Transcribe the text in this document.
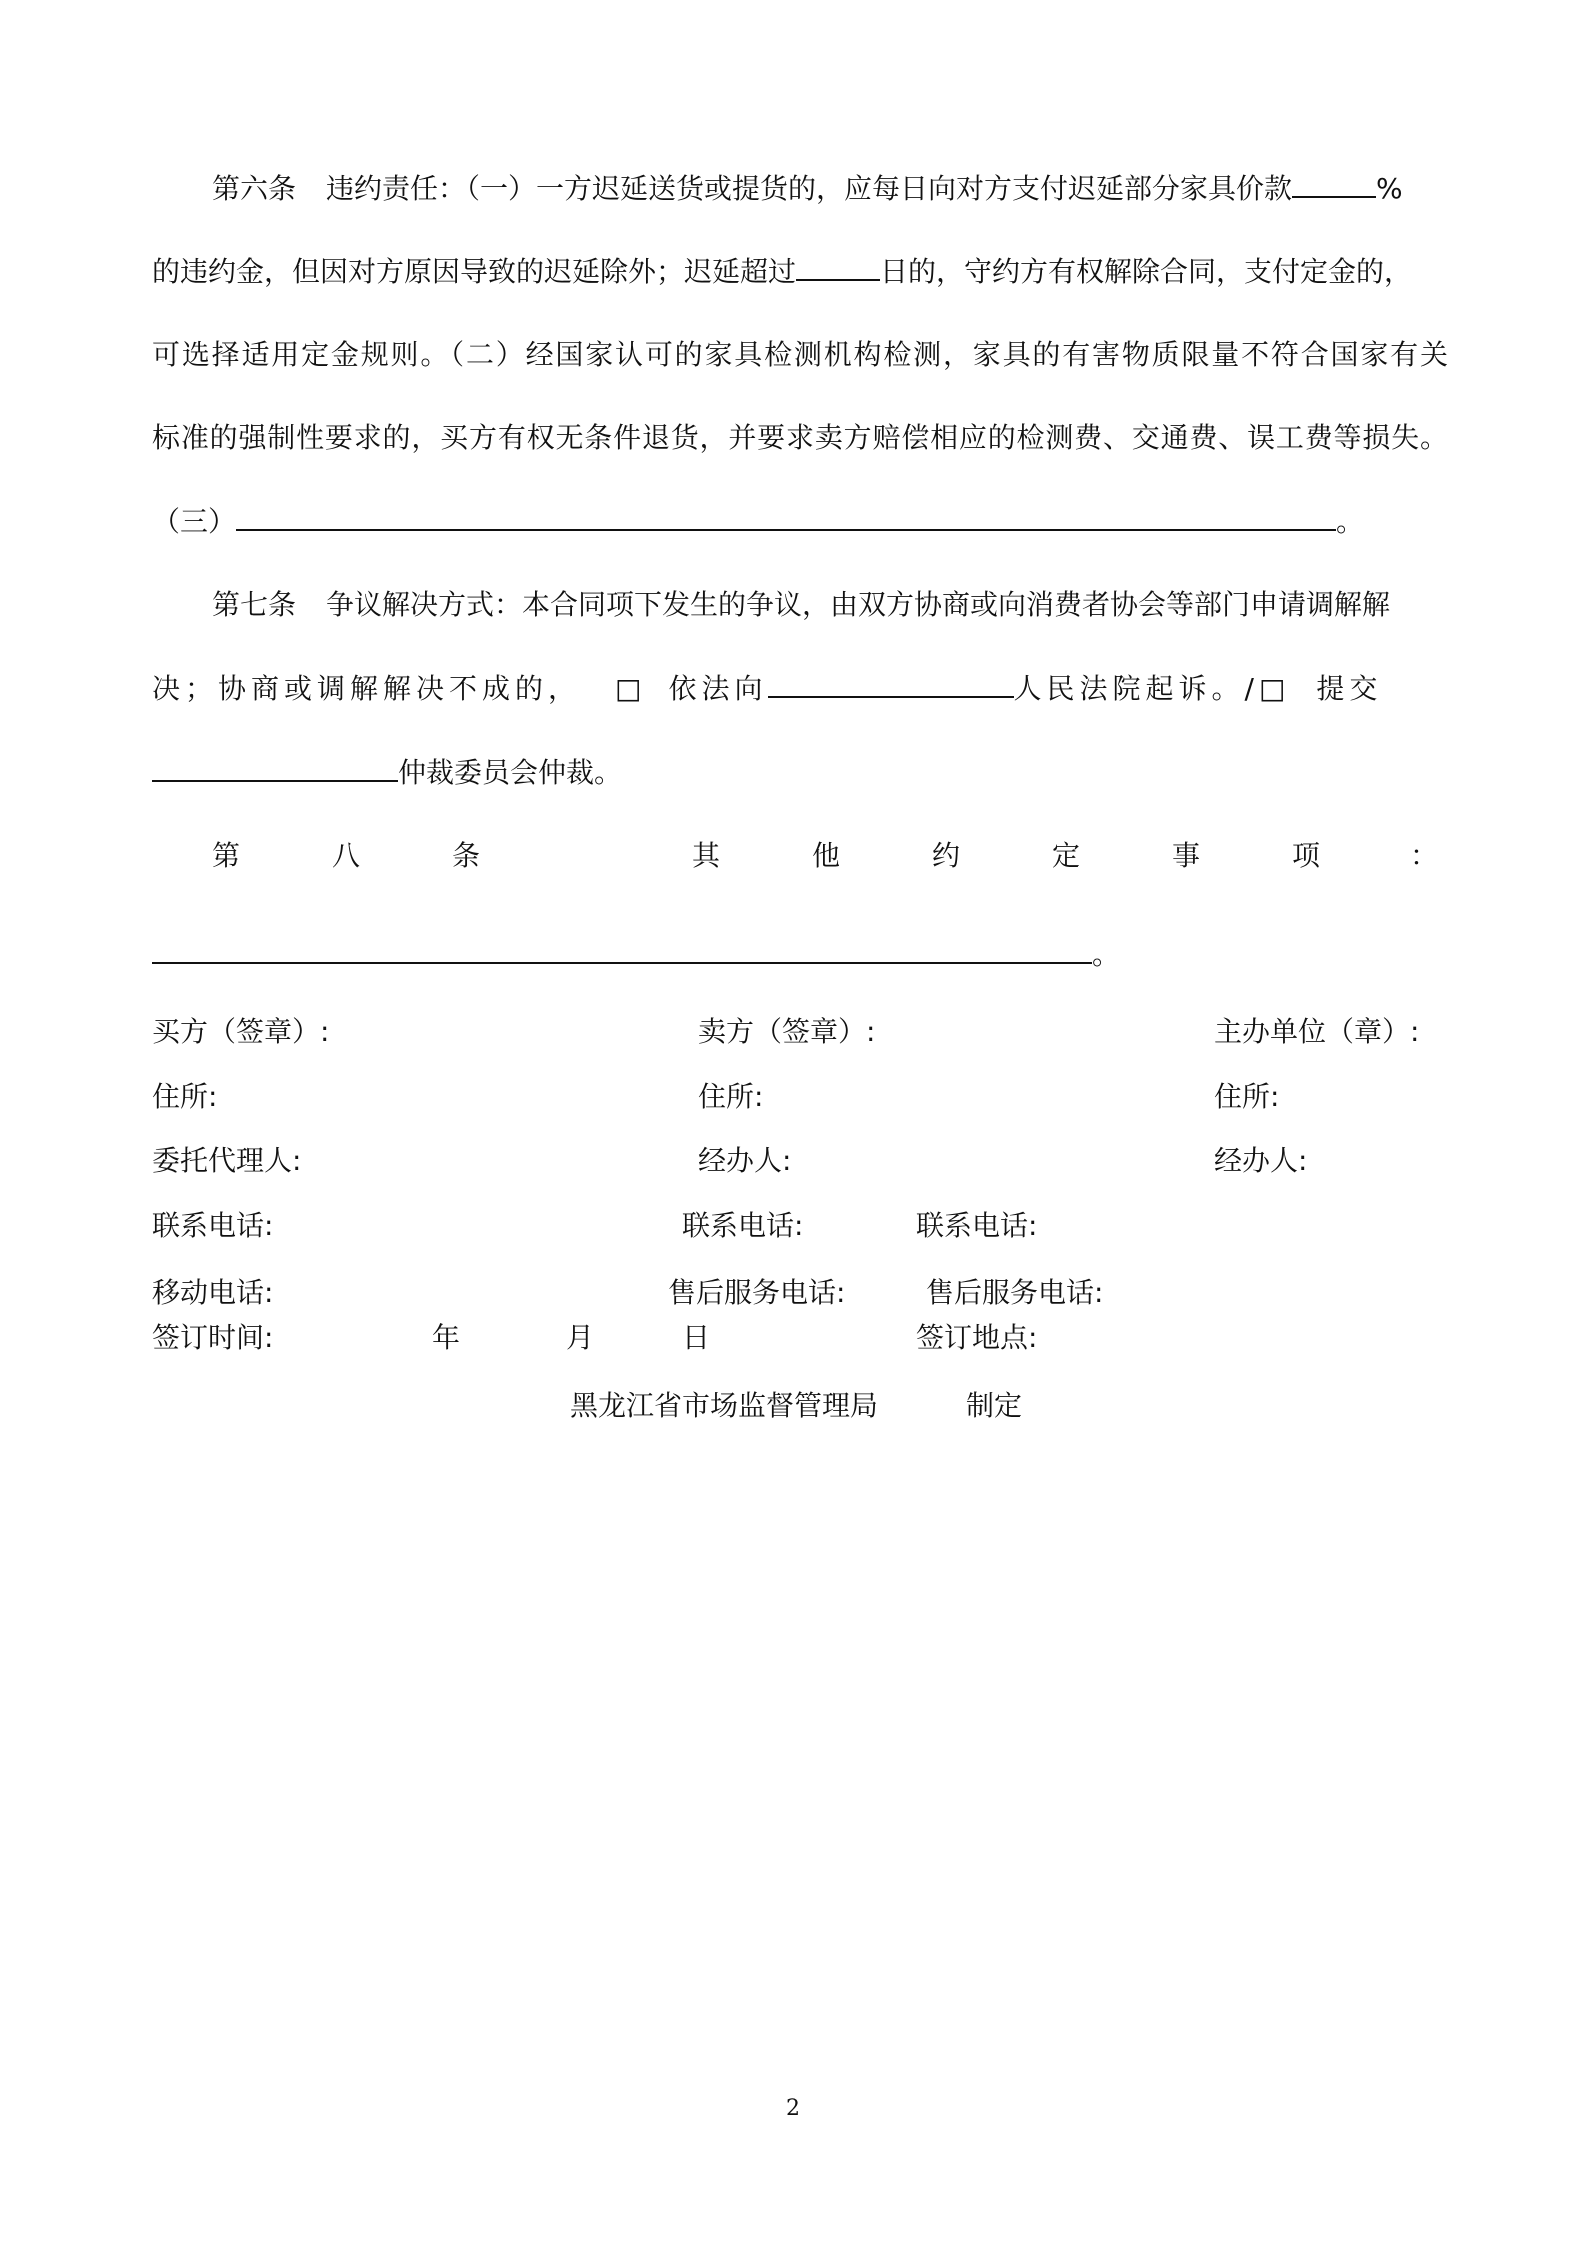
第六条 违约责任：（一）一方迟延送货或提货的，应每日向对方支付迟延部分家具价款	%
的违约金，但因对方原因导致的迟延除外；迟延超过	日的，守约方有权解除合同，支付定金的，
可选择适用定金规则。（二）经国家认可的家具检测机构检测，家具的有害物质限量不符合国家有关
标准的强制性要求的，买方有权无条件退货，并要求卖方赔偿相应的检测费、交通费、误工费等损失。
（三）	。
第七条 争议解决方式：本合同项下发生的争议，由双方协商或向消费者协会等部门申请调解解
决；协商或调解解决不成的， □ 依法向	人民法院起诉。/□ 提交
仲裁委员会仲裁。
第	八	条	其	他	约	定	事	项	：
。
买方（签章）:	卖方（签章）:	主办单位（章）:
住所:	住所:	住所:
委托代理人:	经办人:	经办人:
联系电话:	联系电话:	联系电话:
移动电话:	售后服务电话:	售后服务电话:
签订时间:	年	月	日	签订地点:
黑龙江省市场监督管理局	制定
2
